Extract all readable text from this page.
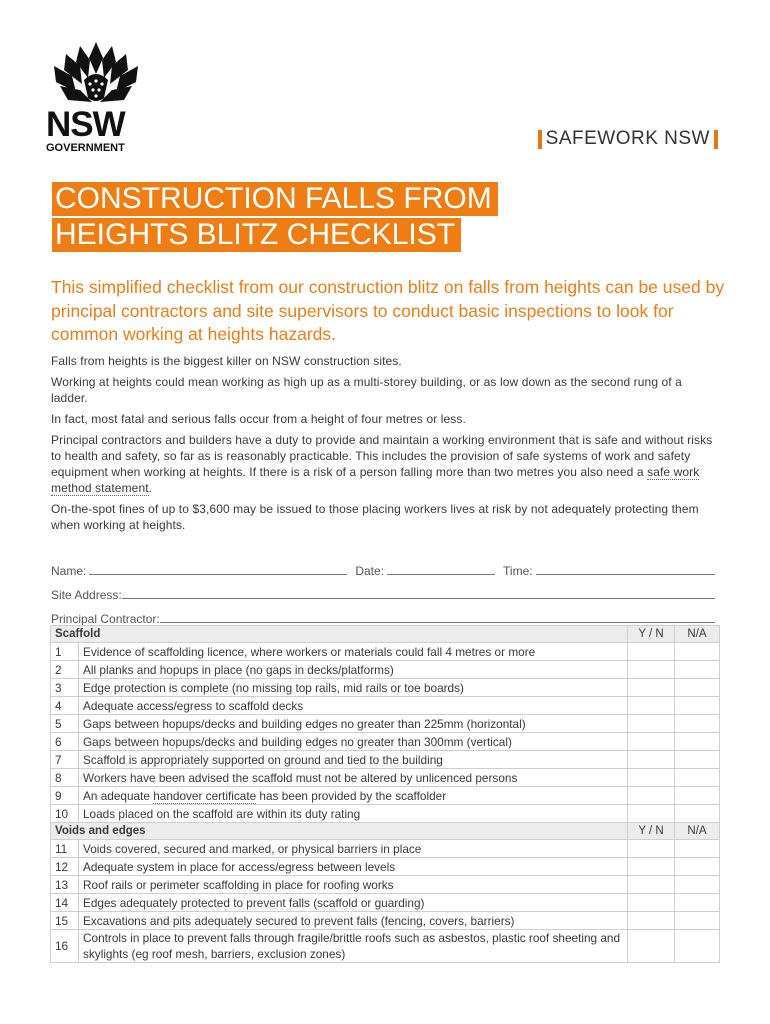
NSW
GOVERNMENT	SAFEWORK NSW
CONSTRUCTION FALLS FROM
HEIGHTS BLITZ CHECKLIST
This simplified checklist from our construction blitz on falls from heights can be used by principal contractors and site supervisors to conduct basic inspections to look for common working at heights hazards.

Falls from heights is the biggest killer on NSW construction sites.

Working at heights could mean working as high up as a multi-storey building, or as low down as the second rung of a ladder.

In fact, most fatal and serious falls occur from a height of four metres or less.

Principal contractors and builders have a duty to provide and maintain a working environment that is safe and without risks to health and safety, so far as is reasonably practicable. This includes the provision of safe systems of work and safety equipment when working at heights. If there is a risk of a person falling more than two metres you also need a safe work method statement.

On-the-spot fines of up to $3,600 may be issued to those placing workers lives at risk by not adequately protecting them when working at heights.

Name:	Date:	Time:
Site Address:
Principal Contractor:
Scaffold		Y / N	N/A
1	Evidence of scaffolding licence, where workers or materials could fall 4 metres or more		
2	All planks and hopups in place (no gaps in decks/platforms)		
3	Edge protection is complete (no missing top rails, mid rails or toe boards)		
4	Adequate access/egress to scaffold decks		
5	Gaps between hopups/decks and building edges no greater than 225mm (horizontal)		
6	Gaps between hopups/decks and building edges no greater than 300mm (vertical)		
7	Scaffold is appropriately supported on ground and tied to the building		
8	Workers have been advised the scaffold must not be altered by unlicenced persons		
9	An adequate handover certificate has been provided by the scaffolder		
10	Loads placed on the scaffold are within its duty rating		
Voids and edges		Y / N	N/A
11	Voids covered, secured and marked, or physical barriers in place		
12	Adequate system in place for access/egress between levels		
13	Roof rails or perimeter scaffolding in place for roofing works		
14	Edges adequately protected to prevent falls (scaffold or guarding)		
15	Excavations and pits adequately secured to prevent falls (fencing, covers, barriers)		
16	Controls in place to prevent falls through fragile/brittle roofs such as asbestos, plastic roof sheeting and skylights (eg roof mesh, barriers, exclusion zones)		
